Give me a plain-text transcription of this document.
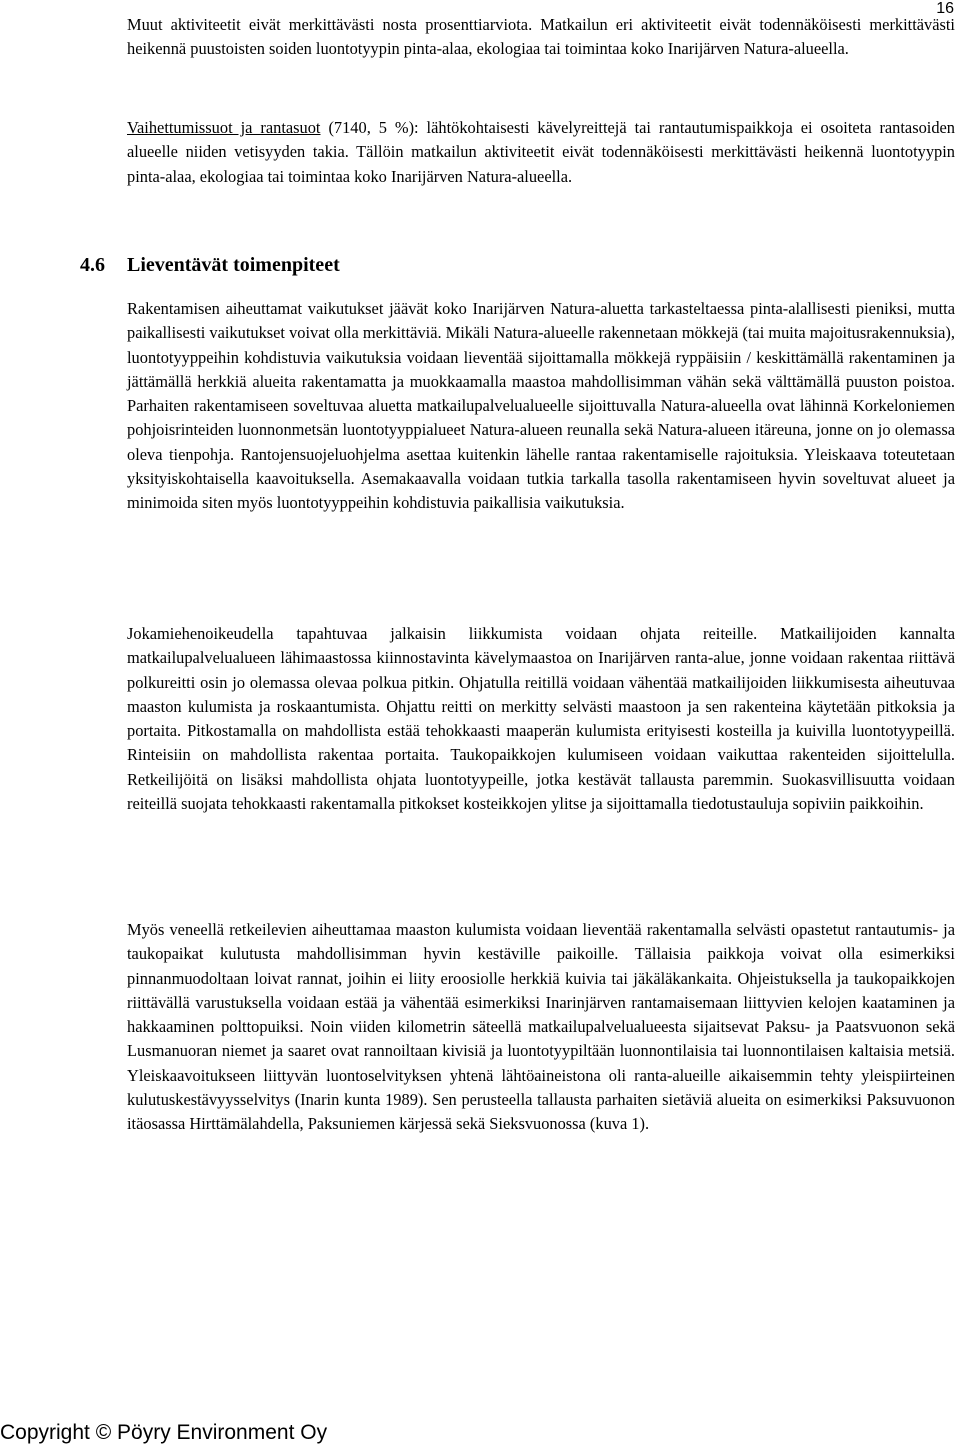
16

Muut aktiviteetit eivät merkittävästi nosta prosenttiarviota. Matkailun eri aktiviteetit eivät todennäköisesti merkittävästi heikennä puustoisten soiden luontotyypin pinta-alaa, ekologiaa tai toimintaa koko Inarijärven Natura-alueella.

Vaihettumissuot ja rantasuot (7140, 5 %): lähtökohtaisesti kävelyreittejä tai rantautumispaikkoja ei osoiteta rantasoiden alueelle niiden vetisyyden takia. Tällöin matkailun aktiviteetit eivät todennäköisesti merkittävästi heikennä luontotyypin pinta-alaa, ekologiaa tai toimintaa koko Inarijärven Natura-alueella.

4.6 Lieventävät toimenpiteet

Rakentamisen aiheuttamat vaikutukset jäävät koko Inarijärven Natura-aluetta tarkasteltaessa pinta-alallisesti pieniksi, mutta paikallisesti vaikutukset voivat olla merkittäviä. Mikäli Natura-alueelle rakennetaan mökkejä (tai muita majoitusrakennuksia), luontotyyppeihin kohdistuvia vaikutuksia voidaan lieventää sijoittamalla mökkejä ryppäisiin / keskittämällä rakentaminen ja jättämällä herkkiä alueita rakentamatta ja muokkaamalla maastoa mahdollisimman vähän sekä välttämällä puuston poistoa. Parhaiten rakentamiseen soveltuvaa aluetta matkailupalvelualueelle sijoittuvalla Natura-alueella ovat lähinnä Korkeloniemen pohjoisrinteiden luonnonmetsän luontotyyppialueet Natura-alueen reunalla sekä Natura-alueen itäreuna, jonne on jo olemassa oleva tienpohja. Rantojensuojeluohjelma asettaa kuitenkin lähelle rantaa rakentamiselle rajoituksia. Yleiskaava toteutetaan yksityiskohtaisella kaavoituksella. Asemakaavalla voidaan tutkia tarkalla tasolla rakentamiseen hyvin soveltuvat alueet ja minimoida siten myös luontotyyppeihin kohdistuvia paikallisia vaikutuksia.

Jokamiehenoikeudella tapahtuvaa jalkaisin liikkumista voidaan ohjata reiteille. Matkailijoiden kannalta matkailupalvelualueen lähimaastossa kiinnostavinta kävelymaastoa on Inarijärven ranta-alue, jonne voidaan rakentaa riittävä polkureitti osin jo olemassa olevaa polkua pitkin. Ohjatulla reitillä voidaan vähentää matkailijoiden liikkumisesta aiheutuvaa maaston kulumista ja roskaantumista. Ohjattu reitti on merkitty selvästi maastoon ja sen rakenteina käytetään pitkoksia ja portaita. Pitkostamalla on mahdollista estää tehokkaasti maaperän kulumista erityisesti kosteilla ja kuivilla luontotyypeillä. Rinteisiin on mahdollista rakentaa portaita. Taukopaikkojen kulumiseen voidaan vaikuttaa rakenteiden sijoittelulla. Retkeilijöitä on lisäksi mahdollista ohjata luontotyypeille, jotka kestävät tallausta paremmin. Suokasvillisuutta voidaan reiteillä suojata tehokkaasti rakentamalla pitkokset kosteikkojen ylitse ja sijoittamalla tiedotustauluja sopiviin paikkoihin.

Myös veneellä retkeilevien aiheuttamaa maaston kulumista voidaan lieventää rakentamalla selvästi opastetut rantautumis- ja taukopaikat kulutusta mahdollisimman hyvin kestäville paikoille. Tällaisia paikkoja voivat olla esimerkiksi pinnanmuodoltaan loivat rannat, joihin ei liity eroosiolle herkkiä kuivia tai jäkäläkankaita. Ohjeistuksella ja taukopaikkojen riittävällä varustuksella voidaan estää ja vähentää esimerkiksi Inarinjärven rantamaisemaan liittyvien kelojen kaataminen ja hakkaaminen polttopuiksi. Noin viiden kilometrin säteellä matkailupalvelualueesta sijaitsevat Paksu- ja Paatsvuonon sekä Lusmanuoran niemet ja saaret ovat rannoiltaan kivisiä ja luontotyypiltään luonnontilaisia tai luonnontilaisen kaltaisia metsiä. Yleiskaavoitukseen liittyvän luontoselvityksen yhtenä lähtöaineistona oli ranta-alueille aikaisemmin tehty yleispiirteinen kulutuskestävyysselvitys (Inarin kunta 1989). Sen perusteella tallausta parhaiten sietäviä alueita on esimerkiksi Paksuvuonon itäosassa Hirttämälahdella, Paksuniemen kärjessä sekä Sieksvuonossa (kuva 1).

Copyright © Pöyry Environment Oy
